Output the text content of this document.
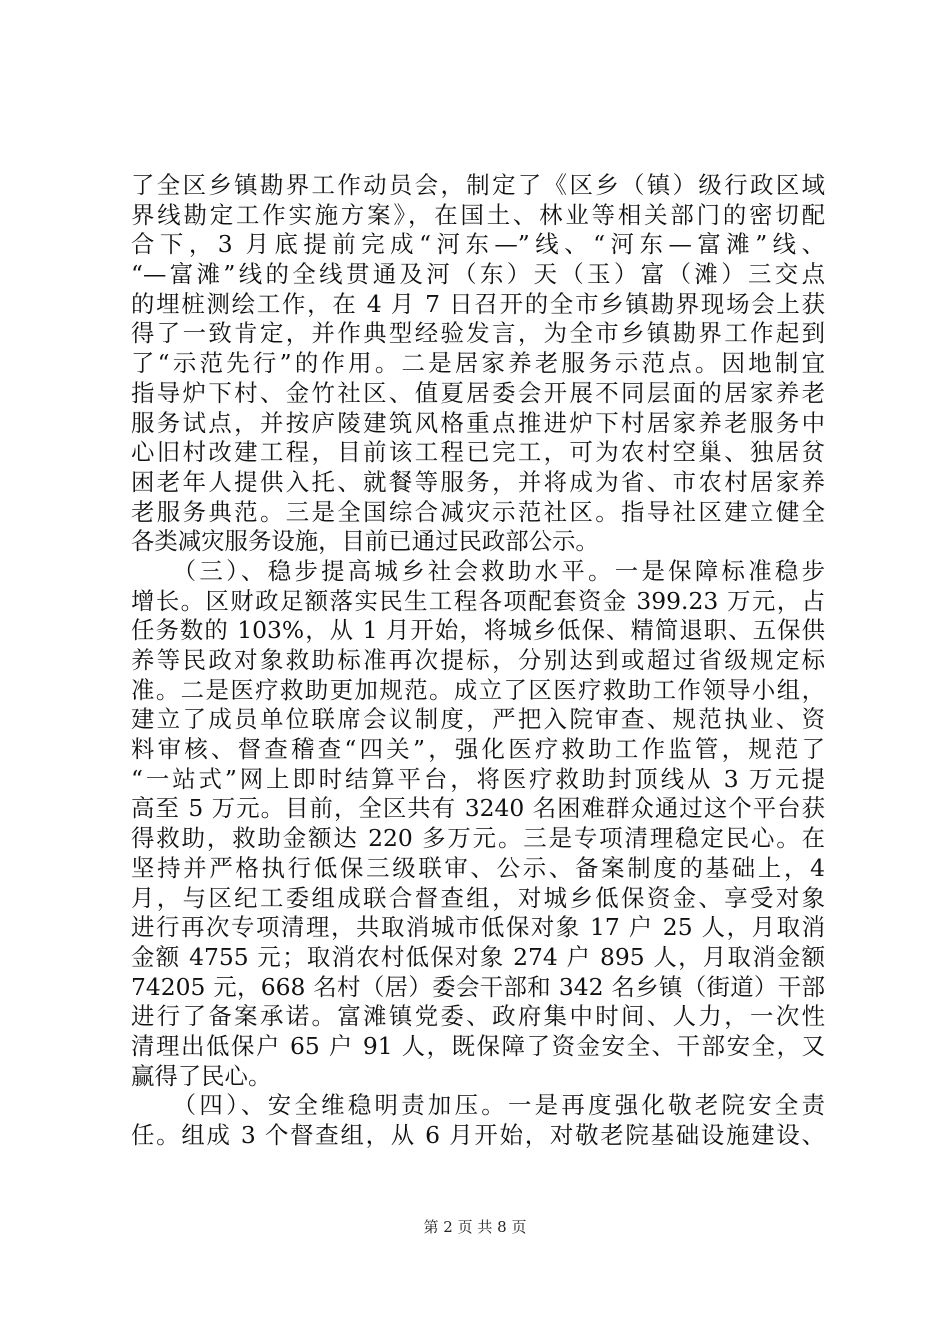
了全区乡镇勘界工作动员会，制定了《区乡（镇）级行政区域
界线勘定工作实施方案》，在国土、林业等相关部门的密切配
合下，3 月底提前完成“河东—”线、“河东—富滩”线、
“—富滩”线的全线贯通及河（东）天（玉）富（滩）三交点
的埋桩测绘工作，在 4 月 7 日召开的全市乡镇勘界现场会上获
得了一致肯定，并作典型经验发言，为全市乡镇勘界工作起到
了“示范先行”的作用。二是居家养老服务示范点。因地制宜
指导炉下村、金竹社区、值夏居委会开展不同层面的居家养老
服务试点，并按庐陵建筑风格重点推进炉下村居家养老服务中
心旧村改建工程，目前该工程已完工，可为农村空巢、独居贫
困老年人提供入托、就餐等服务，并将成为省、市农村居家养
老服务典范。三是全国综合减灾示范社区。指导社区建立健全
各类减灾服务设施，目前已通过民政部公示。
　　（三）、稳步提高城乡社会救助水平。一是保障标准稳步
增长。区财政足额落实民生工程各项配套资金 399.23 万元，占
任务数的 103%，从 1 月开始，将城乡低保、精简退职、五保供
养等民政对象救助标准再次提标，分别达到或超过省级规定标
准。二是医疗救助更加规范。成立了区医疗救助工作领导小组，
建立了成员单位联席会议制度，严把入院审查、规范执业、资
料审核、督查稽查“四关”，强化医疗救助工作监管，规范了
“一站式”网上即时结算平台，将医疗救助封顶线从 3 万元提
高至 5 万元。目前，全区共有 3240 名困难群众通过这个平台获
得救助，救助金额达 220 多万元。三是专项清理稳定民心。在
坚持并严格执行低保三级联审、公示、备案制度的基础上，4
月，与区纪工委组成联合督查组，对城乡低保资金、享受对象
进行再次专项清理，共取消城市低保对象 17 户 25 人，月取消
金额 4755 元；取消农村低保对象 274 户 895 人，月取消金额
74205 元，668 名村（居）委会干部和 342 名乡镇（街道）干部
进行了备案承诺。富滩镇党委、政府集中时间、人力，一次性
清理出低保户 65 户 91 人，既保障了资金安全、干部安全，又
赢得了民心。
　　（四）、安全维稳明责加压。一是再度强化敬老院安全责
任。组成 3 个督查组，从 6 月开始，对敬老院基础设施建设、
第 2 页 共 8 页
